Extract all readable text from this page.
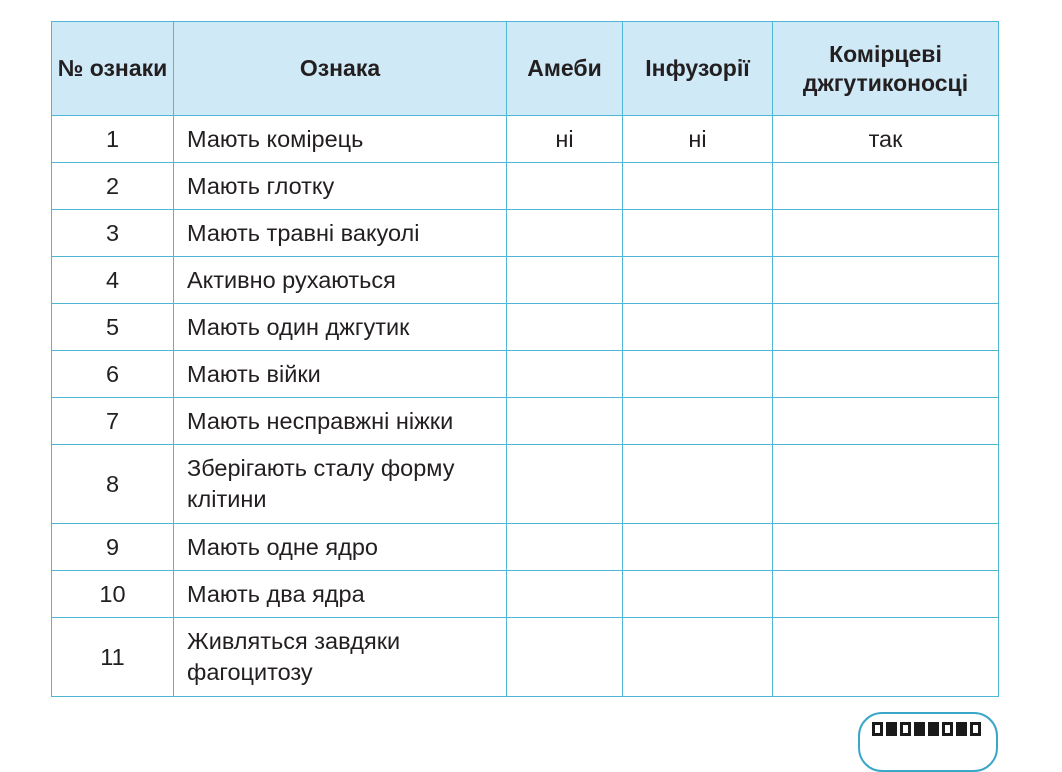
№ ознаки	Ознака	Амеби	Інфузорії	Комірцеві джгутиконосці
1	Мають комірець	ні	ні	так
2	Мають глотку			
3	Мають травні вакуолі			
4	Активно рухаються			
5	Мають один джгутик			
6	Мають війки			
7	Мають несправжні ніжки			
8	Зберігають сталу форму клітини			
9	Мають одне ядро			
10	Мають два ядра			
11	Живляться завдяки фагоцитозу			
